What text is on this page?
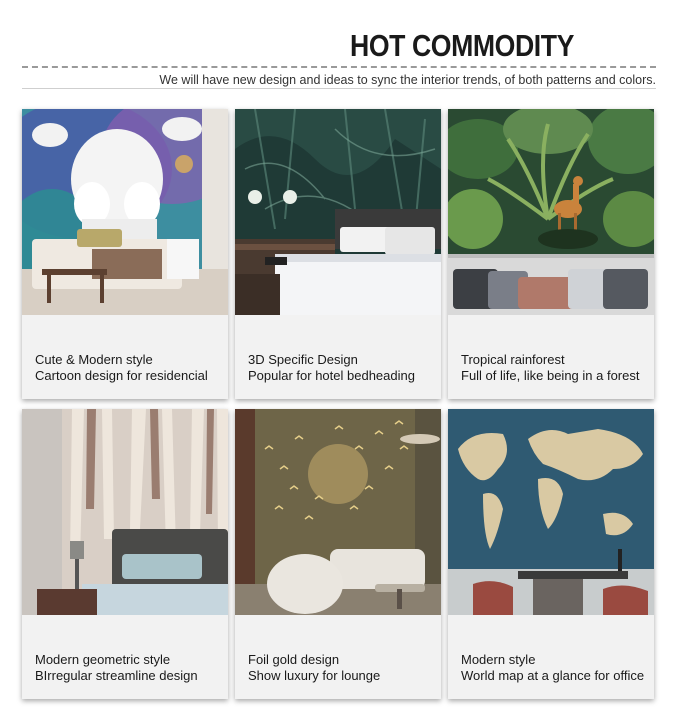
HOT COMMODITY
We will have new design and ideas to sync the interior trends, of both patterns and colors.
Cute & Modern style
Cartoon design for residencial
3D Specific Design
Popular for hotel bedheading
Tropical rainforest
Full of life, like being in a forest
Modern geometric style
BIrregular streamline design
Foil gold design
Show luxury for lounge
Modern style
World map at a glance for office
